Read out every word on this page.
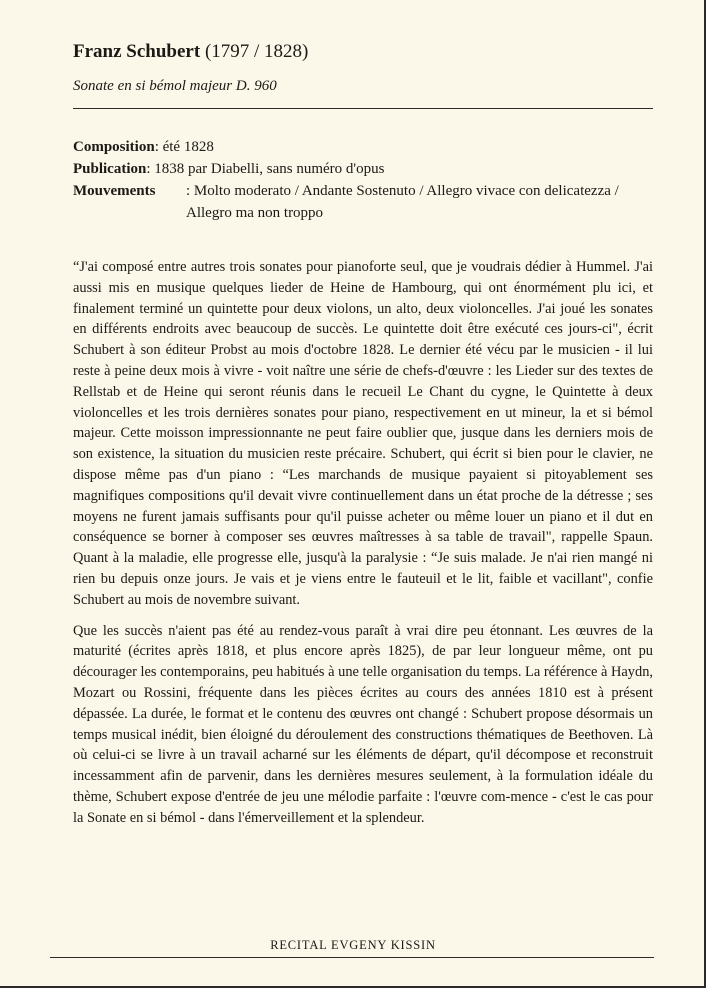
Franz Schubert (1797 / 1828)
Sonate en si bémol majeur D. 960
Composition : été 1828
Publication : 1838 par Diabelli, sans numéro d'opus
Mouvements	: Molto moderato / Andante Sostenuto / Allegro vivace con delicatezza / Allegro ma non troppo

“J'ai composé entre autres trois sonates pour pianoforte seul, que je voudrais dédier à Hummel. J'ai aussi mis en musique quelques lieder de Heine de Hambourg, qui ont énormément plu ici, et finalement terminé un quintette pour deux violons, un alto, deux violoncelles. J'ai joué les sonates en différents endroits avec beaucoup de succès. Le quintette doit être exécuté ces jours-ci", écrit Schubert à son éditeur Probst au mois d'octobre 1828. Le dernier été vécu par le musicien - il lui reste à peine deux mois à vivre - voit naître une série de chefs-d'œuvre : les Lieder sur des textes de Rellstab et de Heine qui seront réunis dans le recueil Le Chant du cygne, le Quintette à deux violoncelles et les trois dernières sonates pour piano, respectivement en ut mineur, la et si bémol majeur. Cette moisson impressionnante ne peut faire oublier que, jusque dans les derniers mois de son existence, la situation du musicien reste précaire. Schubert, qui écrit si bien pour le clavier, ne dispose même pas d'un piano : “Les marchands de musique payaient si pitoyablement ses magnifiques compositions qu'il devait vivre continuellement dans un état proche de la détresse ; ses moyens ne furent jamais suffisants pour qu'il puisse acheter ou même louer un piano et il dut en conséquence se borner à composer ses œuvres maîtresses à sa table de travail", rappelle Spaun. Quant à la maladie, elle progresse elle, jusqu'à la paralysie : “Je suis malade. Je n'ai rien mangé ni rien bu depuis onze jours. Je vais et je viens entre le fauteuil et le lit, faible et vacillant", confie Schubert au mois de novembre suivant.

Que les succès n'aient pas été au rendez-vous paraît à vrai dire peu étonnant. Les œuvres de la maturité (écrites après 1818, et plus encore après 1825), de par leur longueur même, ont pu décourager les contemporains, peu habitués à une telle organisation du temps. La référence à Haydn, Mozart ou Rossini, fréquente dans les pièces écrites au cours des années 1810 est à présent dépassée. La durée, le format et le contenu des œuvres ont changé : Schubert propose désormais un temps musical inédit, bien éloigné du déroulement des constructions thématiques de Beethoven. Là où celui-ci se livre à un travail acharné sur les éléments de départ, qu'il décompose et reconstruit incessamment afin de parvenir, dans les dernières mesures seulement, à la formulation idéale du thème, Schubert expose d'entrée de jeu une mélodie parfaite : l'œuvre com-mence - c'est le cas pour la Sonate en si bémol - dans l'émerveillement et la splendeur.

RECITAL EVGENY KISSIN
